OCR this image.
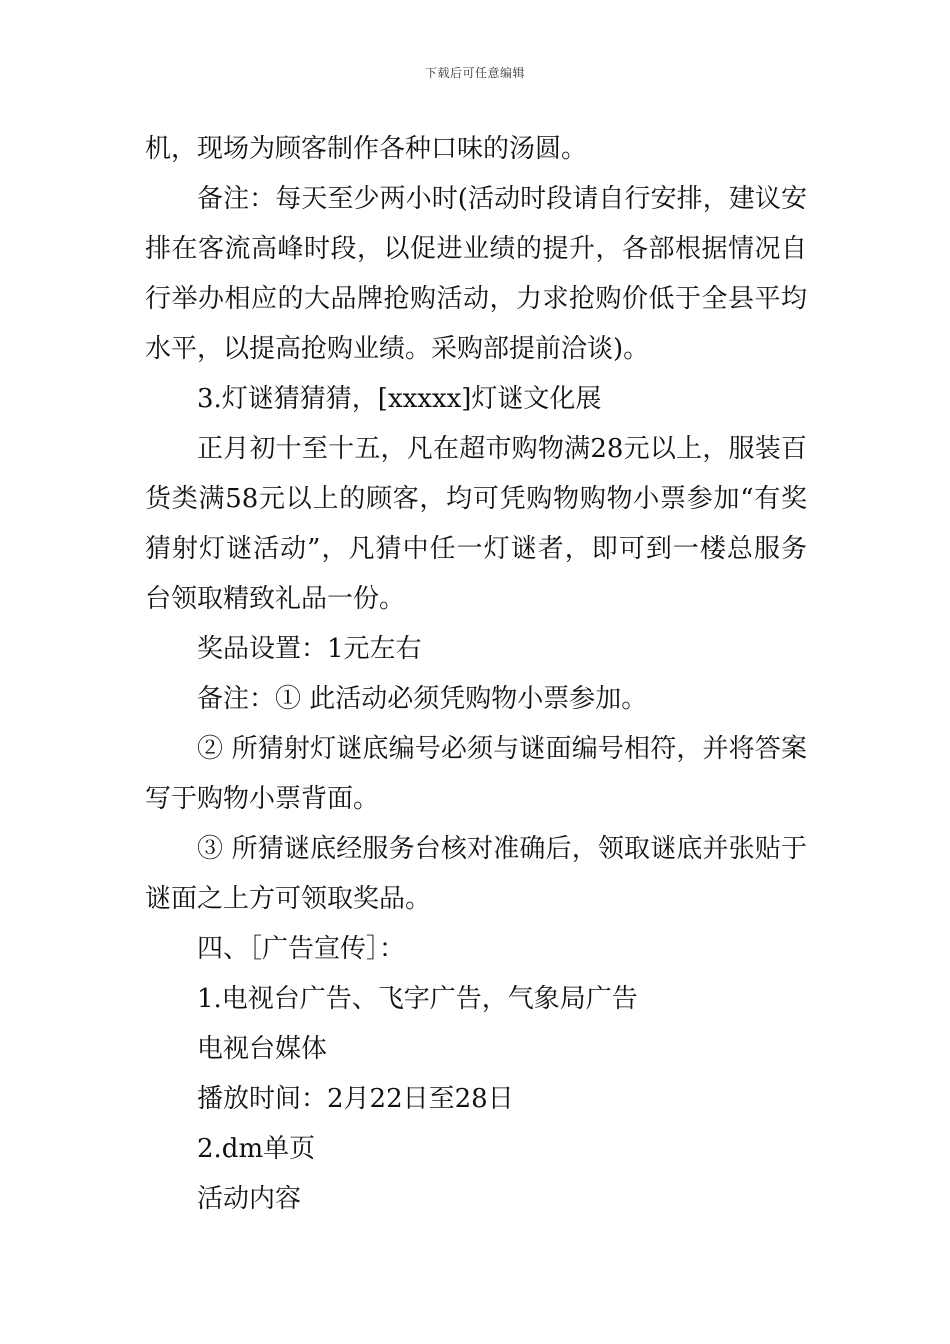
下载后可任意编辑

机，现场为顾客制作各种口味的汤圆。

备注：每天至少两小时(活动时段请自行安排，建议安排在客流高峰时段，以促进业绩的提升，各部根据情况自行举办相应的大品牌抢购活动，力求抢购价低于全县平均水平，以提高抢购业绩。采购部提前洽谈)。

3.灯谜猜猜猜，[xxxxx]灯谜文化展

正月初十至十五，凡在超市购物满28元以上，服装百货类满58元以上的顾客，均可凭购物购物小票参加“有奖猜射灯谜活动”，凡猜中任一灯谜者，即可到一楼总服务台领取精致礼品一份。

奖品设置：1元左右

备注：① 此活动必须凭购物小票参加。

② 所猜射灯谜底编号必须与谜面编号相符，并将答案写于购物小票背面。

③ 所猜谜底经服务台核对准确后，领取谜底并张贴于谜面之上方可领取奖品。

四、［广告宣传］：

1.电视台广告、飞字广告，气象局广告

电视台媒体

播放时间：2月22日至28日

2.dm单页

活动内容
